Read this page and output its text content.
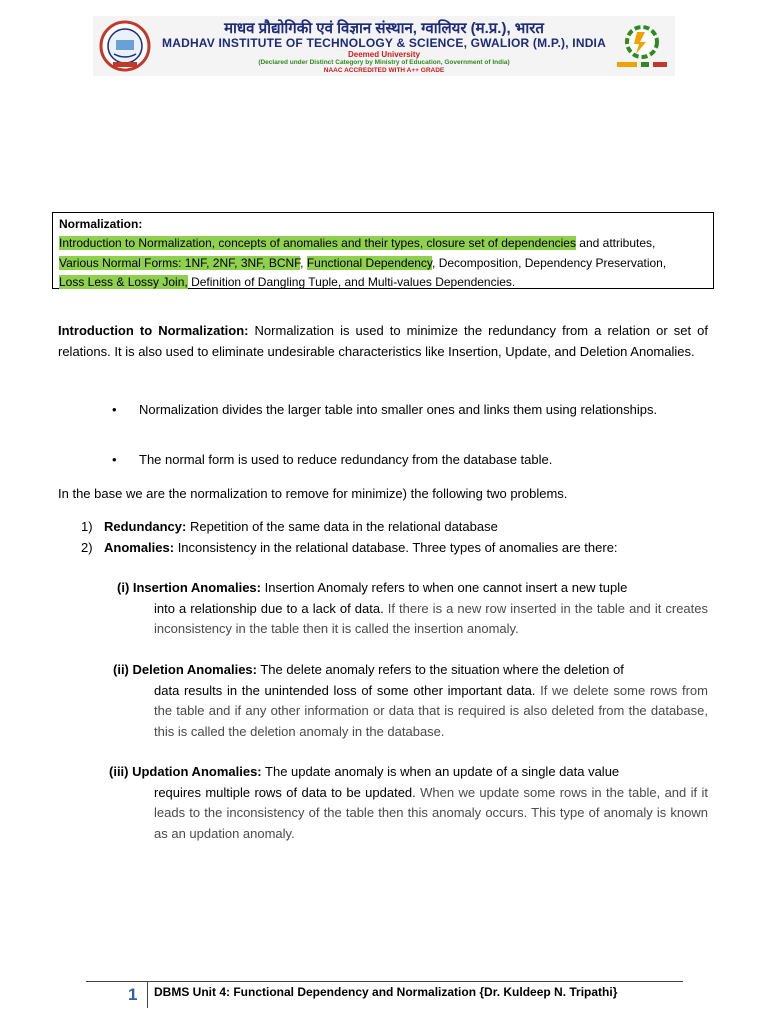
माधव प्रौद्योगिकी एवं विज्ञान संस्थान, ग्वालियर (म.प्र.), भारत
MADHAV INSTITUTE OF TECHNOLOGY & SCIENCE, GWALIOR (M.P.), INDIA
Deemed University
(Declared under Distinct Category by Ministry of Education, Government of India)
NAAC ACCREDITED WITH A++ GRADE

Normalization:

Introduction to Normalization, concepts of anomalies and their types, closure set of dependencies and attributes,

Various Normal Forms: 1NF, 2NF, 3NF, BCNF, Functional Dependency, Decomposition, Dependency Preservation,

Loss Less & Lossy Join, Definition of Dangling Tuple, and Multi-values Dependencies.

Introduction to Normalization: Normalization is used to minimize the redundancy from a relation or set of relations. It is also used to eliminate undesirable characteristics like Insertion, Update, and Deletion Anomalies.

• Normalization divides the larger table into smaller ones and links them using relationships.
• The normal form is used to reduce redundancy from the database table.

In the base we are the normalization to remove for minimize) the following two problems.

1) Redundancy: Repetition of the same data in the relational database

2) Anomalies: Inconsistency in the relational database. Three types of anomalies are there:

(i) Insertion Anomalies: Insertion Anomaly refers to when one cannot insert a new tuple
into a relationship due to a lack of data. If there is a new row inserted in the table and it creates inconsistency in the table then it is called the insertion anomaly.
(ii) Deletion Anomalies: The delete anomaly refers to the situation where the deletion of
data results in the unintended loss of some other important data. If we delete some rows from the table and if any other information or data that is required is also deleted from the database, this is called the deletion anomaly in the database.
(iii) Updation Anomalies: The update anomaly is when an update of a single data value
requires multiple rows of data to be updated. When we update some rows in the table, and if it leads to the inconsistency of the table then this anomaly occurs. This type of anomaly is known as an updation anomaly.
1 DBMS Unit 4: Functional Dependency and Normalization {Dr. Kuldeep N. Tripathi}
